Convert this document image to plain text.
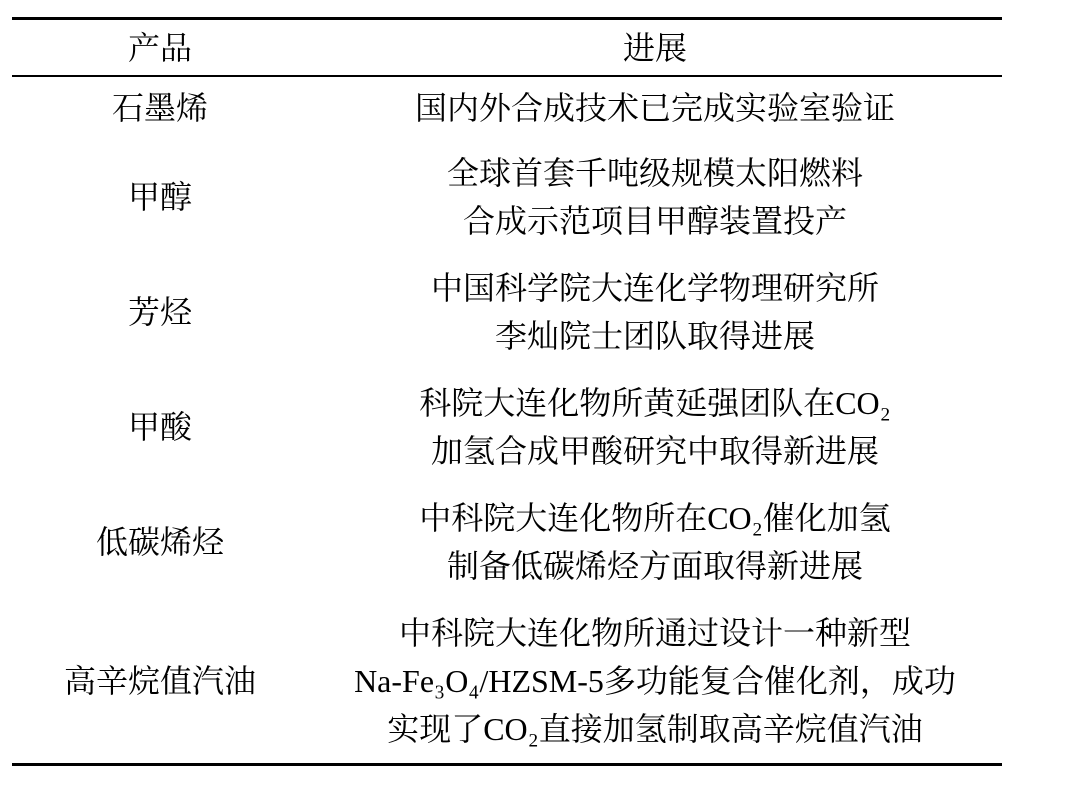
产品	进展
石墨烯	国内外合成技术已完成实验室验证
甲醇
全球首套千吨级规模太阳燃料
合成示范项目甲醇装置投产
芳烃
中国科学院大连化学物理研究所
李灿院士团队取得进展
甲酸
科院大连化物所黄延强团队在CO₂
加氢合成甲酸研究中取得新进展
低碳烯烃
中科院大连化物所在CO₂催化加氢
制备低碳烯烃方面取得新进展
高辛烷值汽油
中科院大连化物所通过设计一种新型
Na-Fe₃O₄/HZSM-5多功能复合催化剂，成功
实现了CO₂直接加氢制取高辛烷值汽油
